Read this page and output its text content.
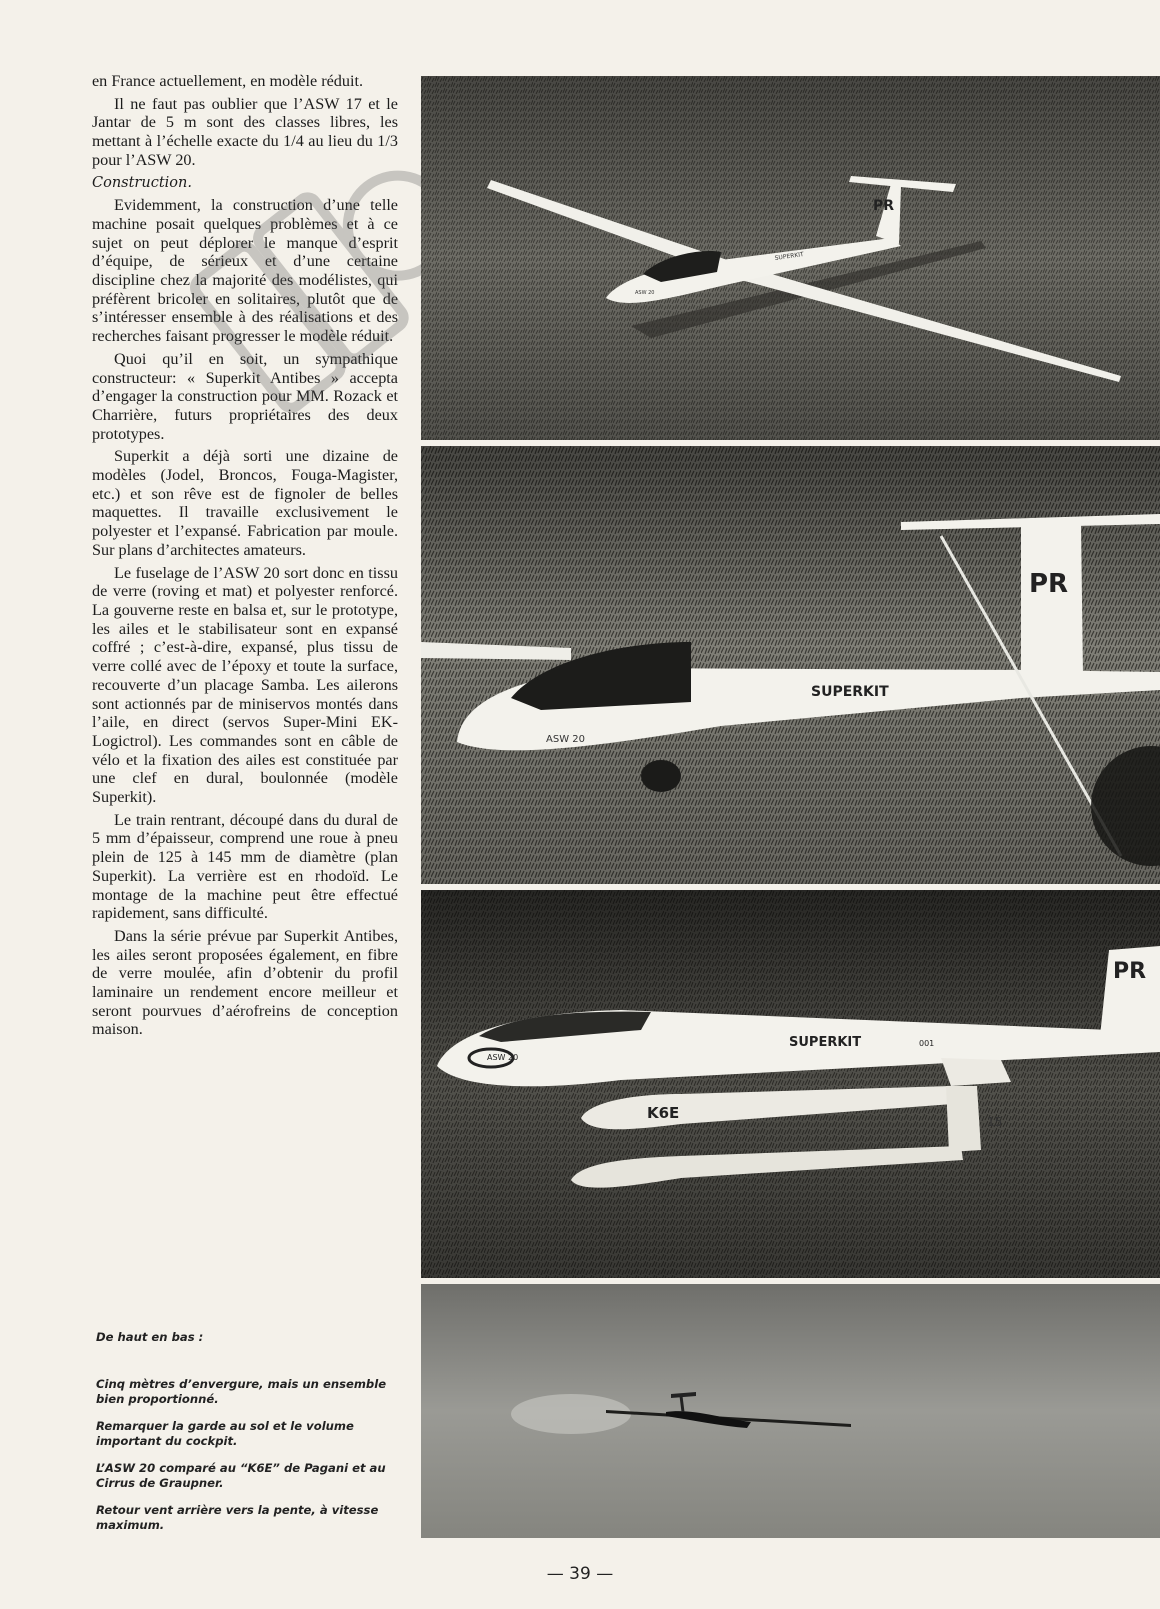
en France actuellement, en modèle réduit.

Il ne faut pas oublier que l’ASW 17 et le Jantar de 5 m sont des classes libres, les mettant à l’échelle exacte du 1/4 au lieu du 1/3 pour l’ASW 20.

Construction.

Evidemment, la construction d’une telle machine posait quelques problèmes et à ce sujet on peut déplorer le manque d’esprit d’équipe, de sérieux et d’une certaine discipline chez la majorité des modélistes, qui préfèrent bricoler en solitaires, plutôt que de s’intéresser ensemble à des réalisations et des recherches faisant progresser le modèle réduit.

Quoi qu’il en soit, un sympathique constructeur: « Superkit Antibes » accepta d’engager la construction pour MM. Rozack et Charrière, futurs propriétaires des deux prototypes.

Superkit a déjà sorti une dizaine de modèles (Jodel, Broncos, Fouga-Magister, etc.) et son rêve est de fignoler de belles maquettes. Il travaille exclusivement le polyester et l’expansé. Fabrication par moule. Sur plans d’architectes amateurs.

Le fuselage de l’ASW 20 sort donc en tissu de verre (roving et mat) et polyester renforcé. La gouverne reste en balsa et, sur le prototype, les ailes et le stabilisateur sont en expansé coffré ; c’est-à-dire, expansé, plus tissu de verre collé avec de l’époxy et toute la surface, recouverte d’un placage Samba. Les ailerons sont actionnés par de miniservos montés dans l’aile, en direct (servos Super-Mini EK-Logictrol). Les commandes sont en câble de vélo et la fixation des ailes est constituée par une clef en dural, boulonnée (modèle Superkit).

Le train rentrant, découpé dans du dural de 5 mm d’épaisseur, comprend une roue à pneu plein de 125 à 145 mm de diamètre (plan Superkit). La verrière est en rhodoïd. Le montage de la machine peut être effectué rapidement, sans difficulté.

Dans la série prévue par Superkit Antibes, les ailes seront proposées également, en fibre de verre moulée, afin d’obtenir du profil laminaire un rendement encore meilleur et seront pourvues d’aérofreins de conception maison.

De haut en bas :

Cinq mètres d’envergure, mais un ensemble bien proportionné.

Remarquer la garde au sol et le volume important du cockpit.

L’ASW 20 comparé au “K6E” de Pagani et au Cirrus de Graupner.

Retour vent arrière vers la pente, à vitesse maximum.

PR
SUPERKIT
ASW 20
PR
SUPERKIT
ASW 20
PR
ASW 20
SUPERKIT	001
K6E	15
— 39 —
